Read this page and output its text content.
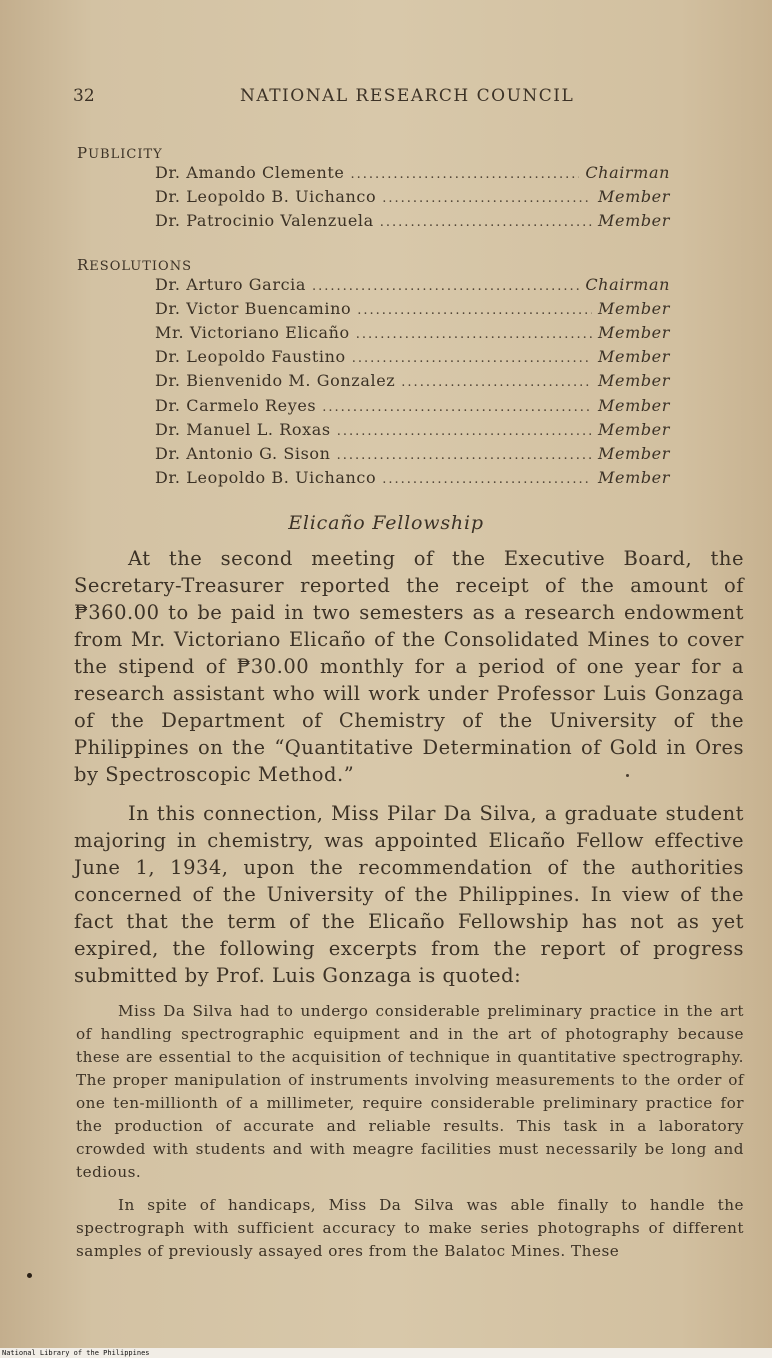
32	NATIONAL RESEARCH COUNCIL
PUBLICITY
Dr. Amando Clemente .....	Chairman
Dr. Leopoldo B. Uichanco .....	Member
Dr. Patrocinio Valenzuela .....	Member
RESOLUTIONS
Dr. Arturo Garcia .....	Chairman
Dr. Victor Buencamino .....	Member
Mr. Victoriano Elicaño .....	Member
Dr. Leopoldo Faustino .....	Member
Dr. Bienvenido M. Gonzalez .....	Member
Dr. Carmelo Reyes .....	Member
Dr. Manuel L. Roxas .....	Member
Dr. Antonio G. Sison .....	Member
Dr. Leopoldo B. Uichanco .....	Member
Elicaño Fellowship

At the second meeting of the Executive Board, the Secretary-Treasurer reported the receipt of the amount of ₱360.00 to be paid in two semesters as a research endowment from Mr. Victoriano Elicaño of the Consolidated Mines to cover the stipend of ₱30.00 monthly for a period of one year for a research assistant who will work under Professor Luis Gonzaga of the Department of Chemistry of the University of the Philippines on the “Quantitative Determination of Gold in Ores by Spectroscopic Method.”

In this connection, Miss Pilar Da Silva, a graduate student majoring in chemistry, was appointed Elicaño Fellow effective June 1, 1934, upon the recommendation of the authorities concerned of the University of the Philippines. In view of the fact that the term of the Elicaño Fellowship has not as yet expired, the following excerpts from the report of progress submitted by Prof. Luis Gonzaga is quoted:

Miss Da Silva had to undergo considerable preliminary practice in the art of handling spectrographic equipment and in the art of photography because these are essential to the acquisition of technique in quantitative spectrography. The proper manipulation of instruments involving measurements to the order of one ten-millionth of a millimeter, require considerable preliminary practice for the production of accurate and reliable results. This task in a laboratory crowded with students and with meagre facilities must necessarily be long and tedious.

In spite of handicaps, Miss Da Silva was able finally to handle the spectrograph with sufficient accuracy to make series photographs of different samples of previously assayed ores from the Balatoc Mines. These

National Library of the Philippines
